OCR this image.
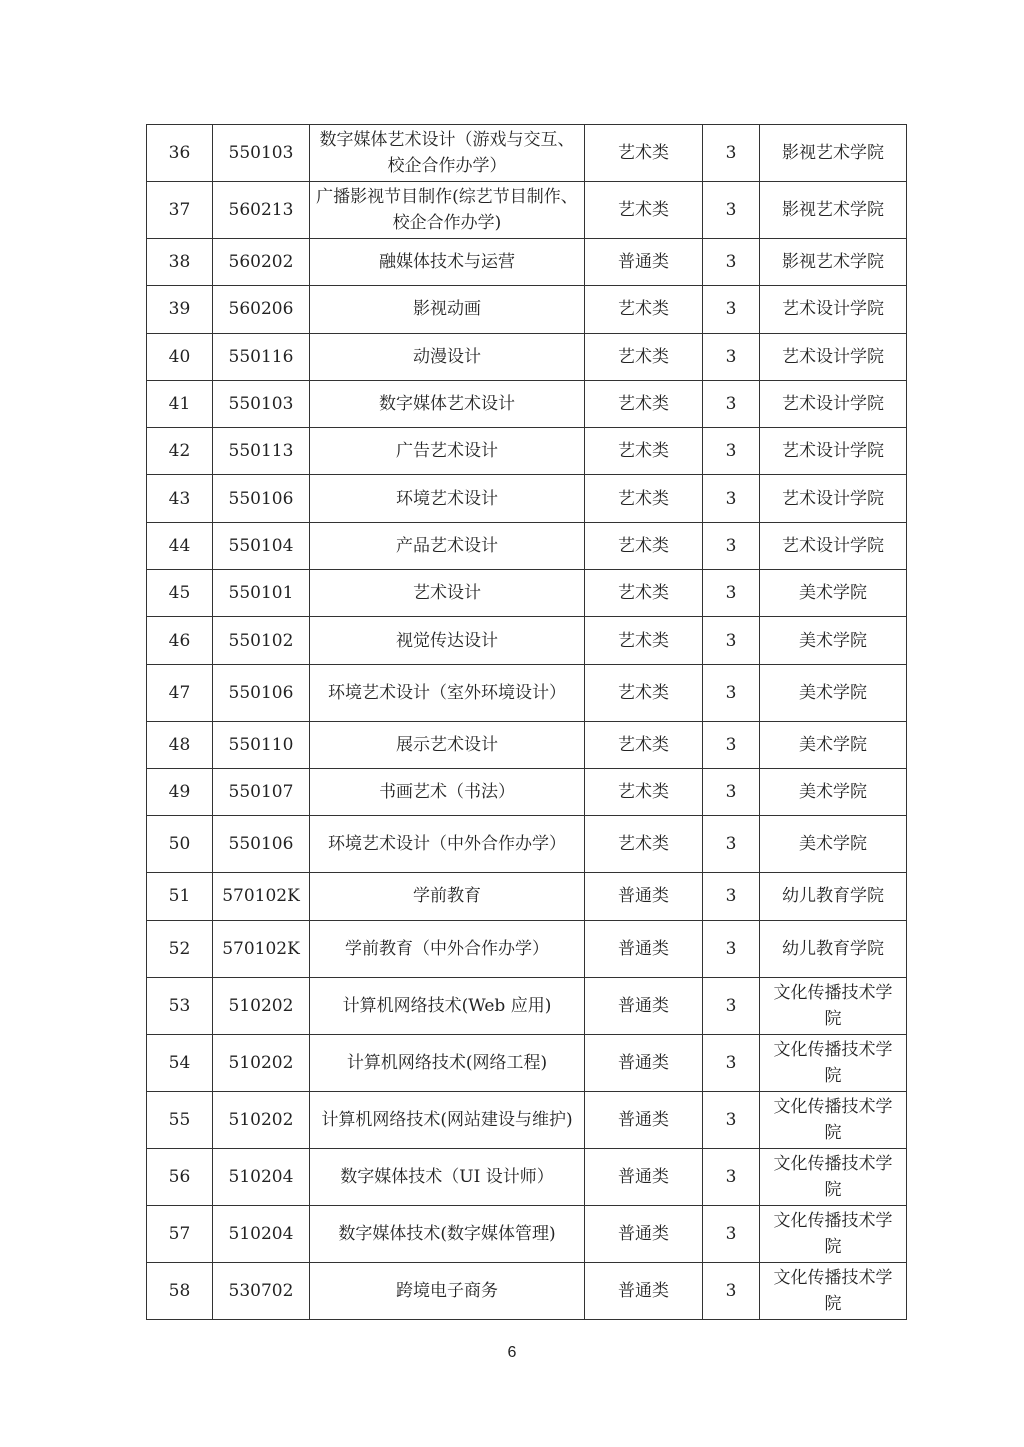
36	550103	数字媒体艺术设计（游戏与交互、校企合作办学）	艺术类	3	影视艺术学院
37	560213	广播影视节目制作(综艺节目制作、校企合作办学)	艺术类	3	影视艺术学院
38	560202	融媒体技术与运营	普通类	3	影视艺术学院
39	560206	影视动画	艺术类	3	艺术设计学院
40	550116	动漫设计	艺术类	3	艺术设计学院
41	550103	数字媒体艺术设计	艺术类	3	艺术设计学院
42	550113	广告艺术设计	艺术类	3	艺术设计学院
43	550106	环境艺术设计	艺术类	3	艺术设计学院
44	550104	产品艺术设计	艺术类	3	艺术设计学院
45	550101	艺术设计	艺术类	3	美术学院
46	550102	视觉传达设计	艺术类	3	美术学院
47	550106	环境艺术设计（室外环境设计）	艺术类	3	美术学院
48	550110	展示艺术设计	艺术类	3	美术学院
49	550107	书画艺术（书法）	艺术类	3	美术学院
50	550106	环境艺术设计（中外合作办学）	艺术类	3	美术学院
51	570102K	学前教育	普通类	3	幼儿教育学院
52	570102K	学前教育（中外合作办学）	普通类	3	幼儿教育学院
53	510202	计算机网络技术(Web 应用)	普通类	3	文化传播技术学院
54	510202	计算机网络技术(网络工程)	普通类	3	文化传播技术学院
55	510202	计算机网络技术(网站建设与维护)	普通类	3	文化传播技术学院
56	510204	数字媒体技术（UI 设计师）	普通类	3	文化传播技术学院
57	510204	数字媒体技术(数字媒体管理)	普通类	3	文化传播技术学院
58	530702	跨境电子商务	普通类	3	文化传播技术学院
6
